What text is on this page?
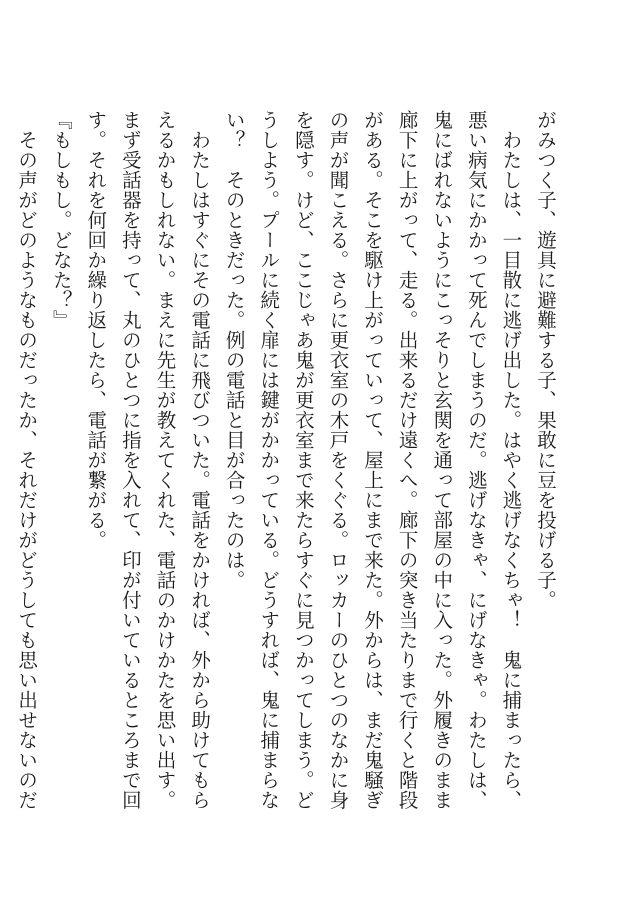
がみつく子、遊具に避難する子、果敢に豆を投げる子。
　わたしは、一目散に逃げ出した。はやく逃げなくちゃ！　鬼に捕まったら、
悪い病気にかかって死んでしまうのだ。逃げなきゃ、にげなきゃ。わたしは、
鬼にばれないようにこっそりと玄関を通って部屋の中に入った。外履きのまま
廊下に上がって、走る。出来るだけ遠くへ。廊下の突き当たりまで行くと階段
がある。そこを駆け上がっていって、屋上にまで来た。外からは、まだ鬼騒ぎ
の声が聞こえる。さらに更衣室の木戸をくぐる。ロッカーのひとつのなかに身
を隠す。けど、ここじゃあ鬼が更衣室まで来たらすぐに見つかってしまう。ど
うしよう。プールに続く扉には鍵がかかっている。どうすれば、鬼に捕まらな
い？　そのときだった。例の電話と目が合ったのは。
　わたしはすぐにその電話に飛びついた。電話をかければ、外から助けてもら
えるかもしれない。まえに先生が教えてくれた、電話のかけかたを思い出す。
まず受話器を持って、丸のひとつに指を入れて、印が付いているところまで回
す。それを何回か繰り返したら、電話が繋がる。
『もしもし。どなた？』
　その声がどのようなものだったか、それだけがどうしても思い出せないのだ
